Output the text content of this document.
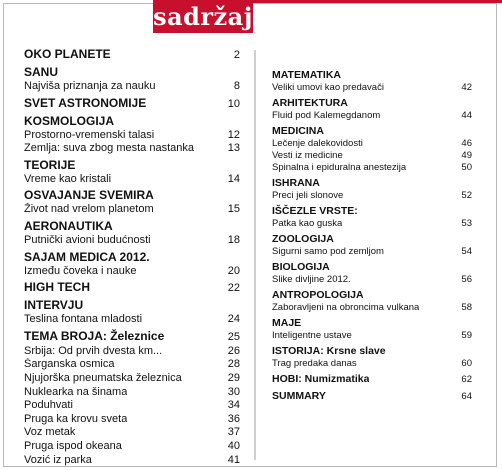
sadržaj
OKO PLANETE	2
SANU
Najviša priznanja za nauku	8
SVET ASTRONOMIJE	10
KOSMOLOGIJA
Prostorno-vremenski talasi	12
Zemlja: suva zbog mesta nastanka	13
TEORIJE
Vreme kao kristali	14
OSVAJANJE SVEMIRA
Život nad vrelom planetom	15
AERONAUTIKA
Putnički avioni budućnosti	18
SAJAM MEDICA 2012.
Između čoveka i nauke	20
HIGH TECH	22
INTERVJU
Teslina fontana mladosti	24
TEMA BROJA: Železnice	25
Srbija: Od prvih dvesta km...	26
Šarganska osmica	28
Njujorška pneumatska železnica	29
Nuklearka na šinama	30
Poduhvati	34
Pruga ka krovu sveta	36
Voz metak	37
Pruga ispod okeana	40
Vozić iz parka	41
MATEMATIKA
Veliki umovi kao predavači	42
ARHITEKTURA
Fluid pod Kalemegdanom	44
MEDICINA
Lečenje dalekovidosti	46
Vesti iz medicine	49
Spinalna i epiduralna anestezija	50
ISHRANA
Preci jeli slonove	52
IŠČEZLE VRSTE:
Patka kao guska	53
ZOOLOGIJA
Sigurni samo pod zemljom	54
BIOLOGIJA
Slike divljine 2012.	56
ANTROPOLOGIJA
Zaboravljeni na obroncima vulkana	58
MAJE
Inteligentne ustave	59
ISTORIJA: Krsne slave
Trag predaka danas	60
HOBI: Numizmatika	62
SUMMARY	64
